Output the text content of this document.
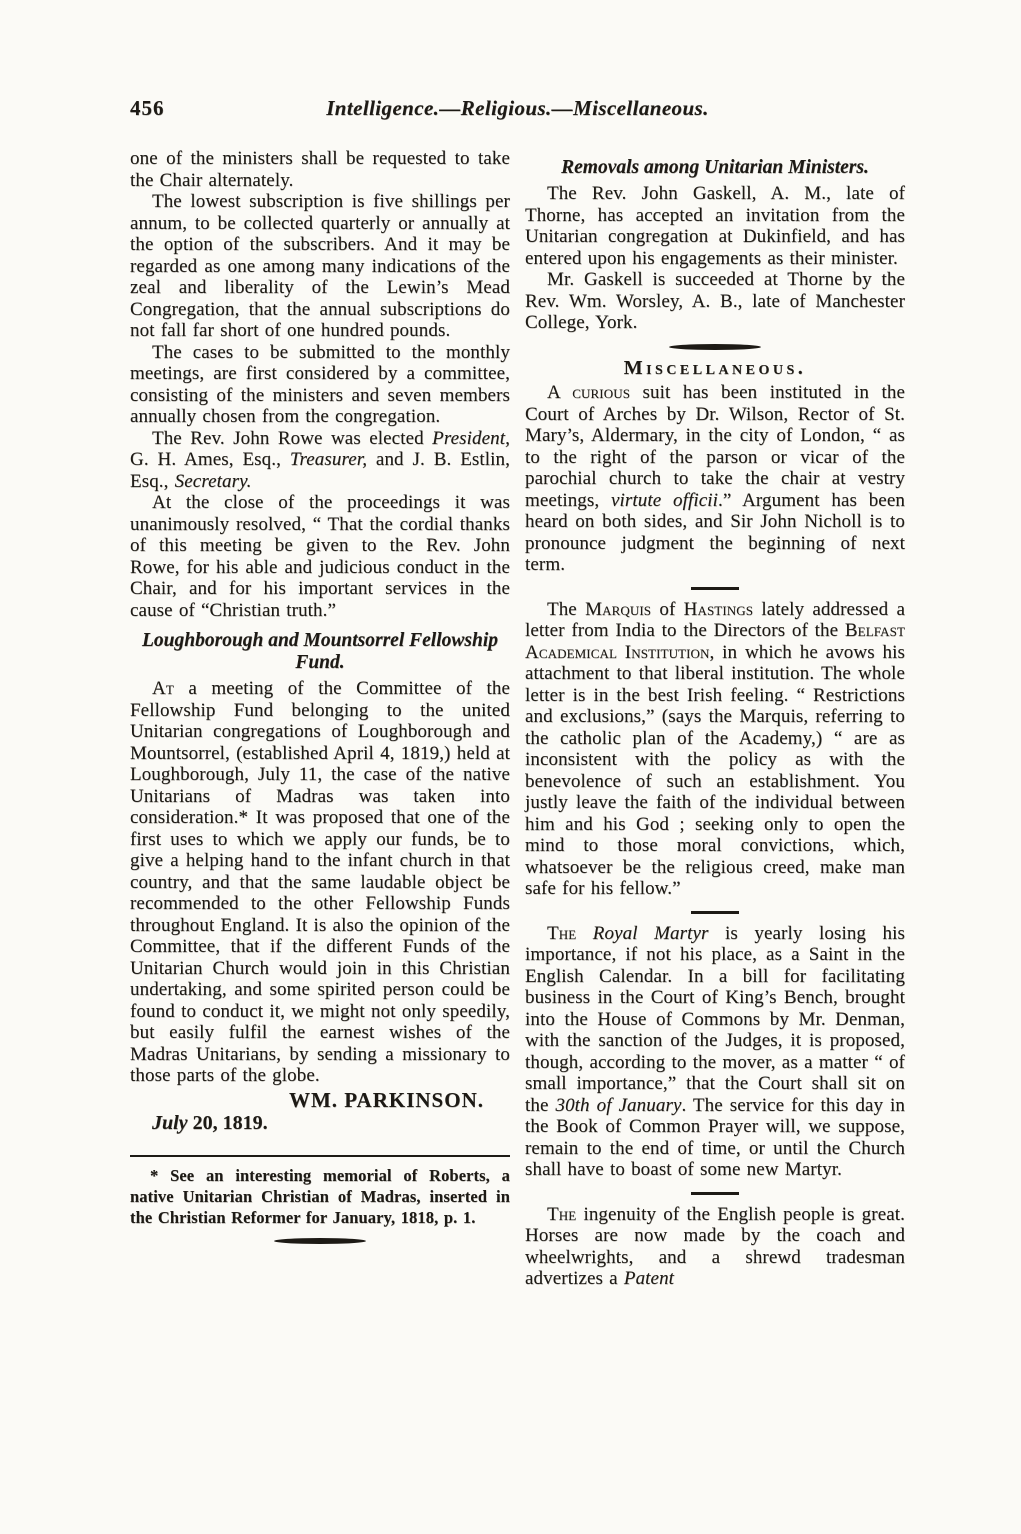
456	Intelligence.—Religious.—Miscellaneous.
one of the ministers shall be requested to take the Chair alternately.
The lowest subscription is five shillings per annum, to be collected quarterly or annually at the option of the subscribers. And it may be regarded as one among many indications of the zeal and liberality of the Lewin’s Mead Congregation, that the annual subscriptions do not fall far short of one hundred pounds.
The cases to be submitted to the monthly meetings, are first considered by a committee, consisting of the ministers and seven members annually chosen from the congregation.
The Rev. John Rowe was elected President, G. H. Ames, Esq., Treasurer, and J. B. Estlin, Esq., Secretary.
At the close of the proceedings it was unanimously resolved, “ That the cordial thanks of this meeting be given to the Rev. John Rowe, for his able and judicious conduct in the Chair, and for his important services in the cause of “Christian truth.”
Loughborough and Mountsorrel Fellowship Fund.
At a meeting of the Committee of the Fellowship Fund belonging to the united Unitarian congregations of Loughborough and Mountsorrel, (established April 4, 1819,) held at Loughborough, July 11, the case of the native Unitarians of Madras was taken into consideration.* It was proposed that one of the first uses to which we apply our funds, be to give a helping hand to the infant church in that country, and that the same laudable object be recommended to the other Fellowship Funds throughout England. It is also the opinion of the Committee, that if the different Funds of the Unitarian Church would join in this Christian undertaking, and some spirited person could be found to conduct it, we might not only speedily, but easily fulfil the earnest wishes of the Madras Unitarians, by sending a missionary to those parts of the globe.
WM. PARKINSON.
July 20, 1819.
* See an interesting memorial of Roberts, a native Unitarian Christian of Madras, inserted in the Christian Reformer for January, 1818, p. 1.
Removals among Unitarian Ministers.
The Rev. John Gaskell, A. M., late of Thorne, has accepted an invitation from the Unitarian congregation at Dukinfield, and has entered upon his engagements as their minister.
Mr. Gaskell is succeeded at Thorne by the Rev. Wm. Worsley, A. B., late of Manchester College, York.
Miscellaneous.
A curious suit has been instituted in the Court of Arches by Dr. Wilson, Rector of St. Mary’s, Aldermary, in the city of London, “ as to the right of the parson or vicar of the parochial church to take the chair at vestry meetings, virtute officii.” Argument has been heard on both sides, and Sir John Nicholl is to pronounce judgment the beginning of next term.
The Marquis of Hastings lately addressed a letter from India to the Directors of the Belfast Academical Institution, in which he avows his attachment to that liberal institution. The whole letter is in the best Irish feeling. “ Restrictions and exclusions,” (says the Marquis, referring to the catholic plan of the Academy,) “ are as inconsistent with the policy as with the benevolence of such an establishment. You justly leave the faith of the individual between him and his God ; seeking only to open the mind to those moral convictions, which, whatsoever be the religious creed, make man safe for his fellow.”
The Royal Martyr is yearly losing his importance, if not his place, as a Saint in the English Calendar. In a bill for facilitating business in the Court of King’s Bench, brought into the House of Commons by Mr. Denman, with the sanction of the Judges, it is proposed, though, according to the mover, as a matter “ of small importance,” that the Court shall sit on the 30th of January. The service for this day in the Book of Common Prayer will, we suppose, remain to the end of time, or until the Church shall have to boast of some new Martyr.
The ingenuity of the English people is great. Horses are now made by the coach and wheelwrights, and a shrewd tradesman advertizes a Patent
